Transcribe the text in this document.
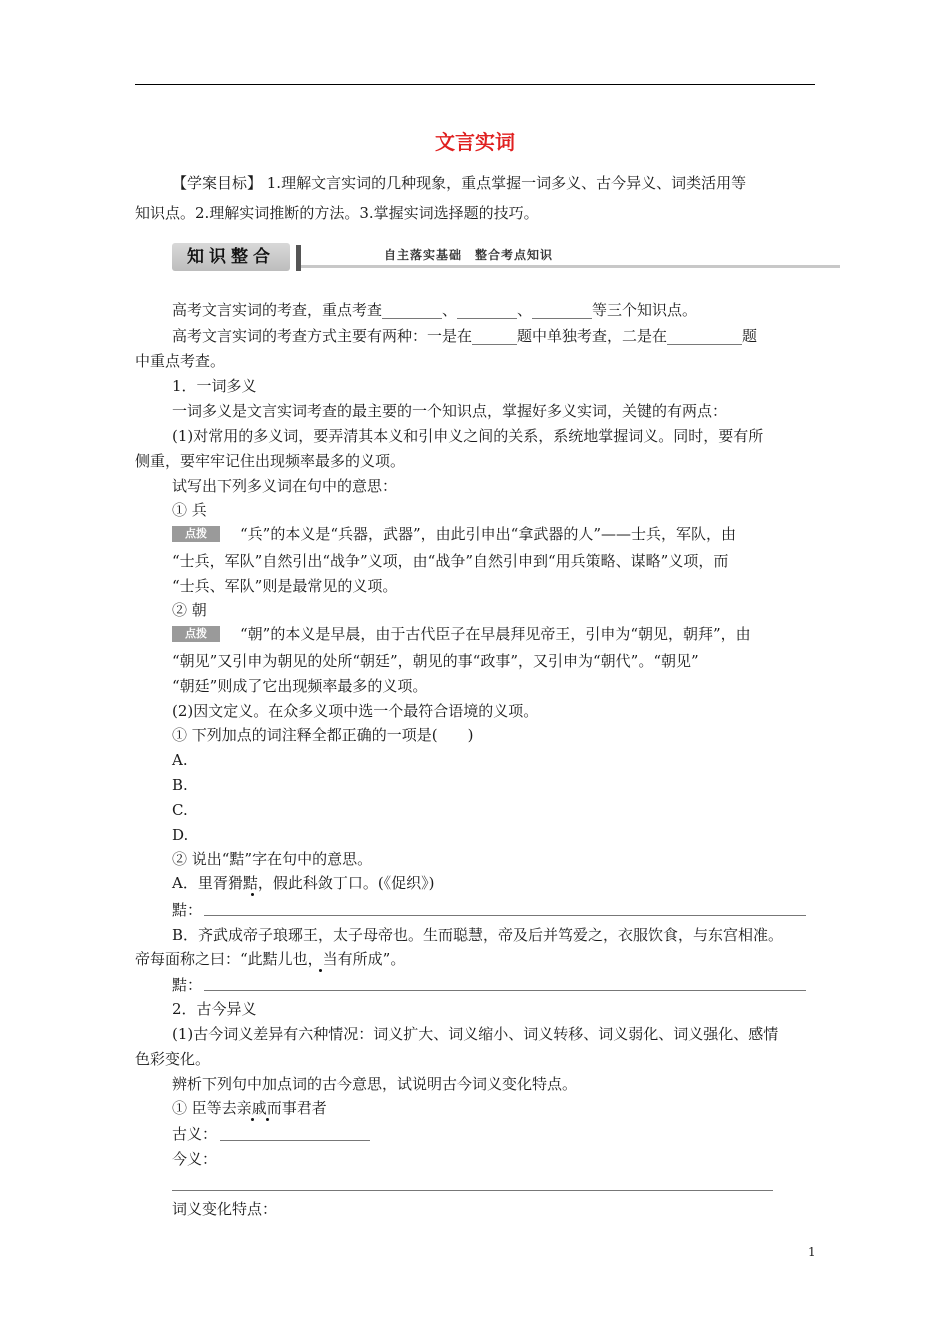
文言实词
【学案目标】 1.理解文言实词的几种现象，重点掌握一词多义、古今异义、词类活用等
知识点。2.理解实词推断的方法。3.掌握实词选择题的技巧。
知识整合	自主落实基础　整合考点知识
高考文言实词的考查，重点考查________、________、________等三个知识点。
高考文言实词的考查方式主要有两种：一是在______题中单独考查，二是在__________题
中重点考查。
1．一词多义
一词多义是文言实词考查的最主要的一个知识点，掌握好多义实词，关键的有两点：
(1)对常用的多义词，要弄清其本义和引申义之间的关系，系统地掌握词义。同时，要有所
侧重，要牢牢记住出现频率最多的义项。
试写出下列多义词在句中的意思：
① 兵
点拨 “兵”的本义是“兵器，武器”，由此引申出“拿武器的人”——士兵，军队，由
“士兵，军队”自然引出“战争”义项，由“战争”自然引申到“用兵策略、谋略”义项，而
“士兵、军队”则是最常见的义项。
② 朝
点拨 “朝”的本义是早晨，由于古代臣子在早晨拜见帝王，引申为“朝见，朝拜”，由
“朝见”又引申为朝见的处所“朝廷”，朝见的事“政事”，又引申为“朝代”。“朝见”
“朝廷”则成了它出现频率最多的义项。
(2)因文定义。在众多义项中选一个最符合语境的义项。
① 下列加点的词注释全都正确的一项是(　　)
A.
B.
C.
D.
② 说出“黠”字在句中的意思。
A．里胥猾黠，假此科敛丁口。(《促织》)
黠：
B．齐武成帝子琅琊王，太子母帝也。生而聪慧，帝及后并笃爱之，衣服饮食，与东宫相准。
帝每面称之曰：“此黠儿也，当有所成”。
黠：
2．古今异义
(1)古今词义差异有六种情况：词义扩大、词义缩小、词义转移、词义弱化、词义强化、感情
色彩变化。
辨析下列句中加点词的古今意思，试说明古今词义变化特点。
① 臣等去亲戚而事君者
古义：
今义：
词义变化特点：
1
